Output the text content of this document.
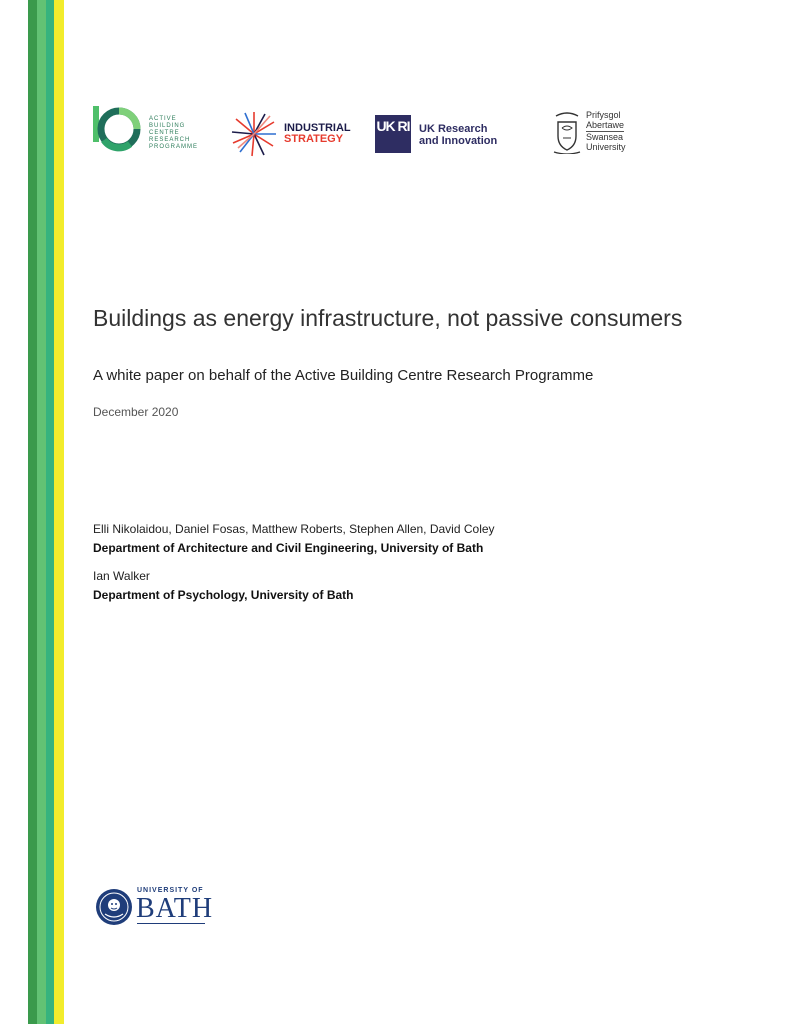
ACTIVE
BUILDING
CENTRE
RESEARCH
PROGRAMME
INDUSTRIAL
STRATEGY
UK RI UK Research
and Innovation
Prifysgol
Abertawe
Swansea
University
Buildings as energy infrastructure, not passive consumers
A white paper on behalf of the Active Building Centre Research Programme
December 2020
Elli Nikolaidou, Daniel Fosas, Matthew Roberts, Stephen Allen, David Coley
Department of Architecture and Civil Engineering, University of Bath
Ian Walker
Department of Psychology, University of Bath
UNIVERSITY OF
BATH
